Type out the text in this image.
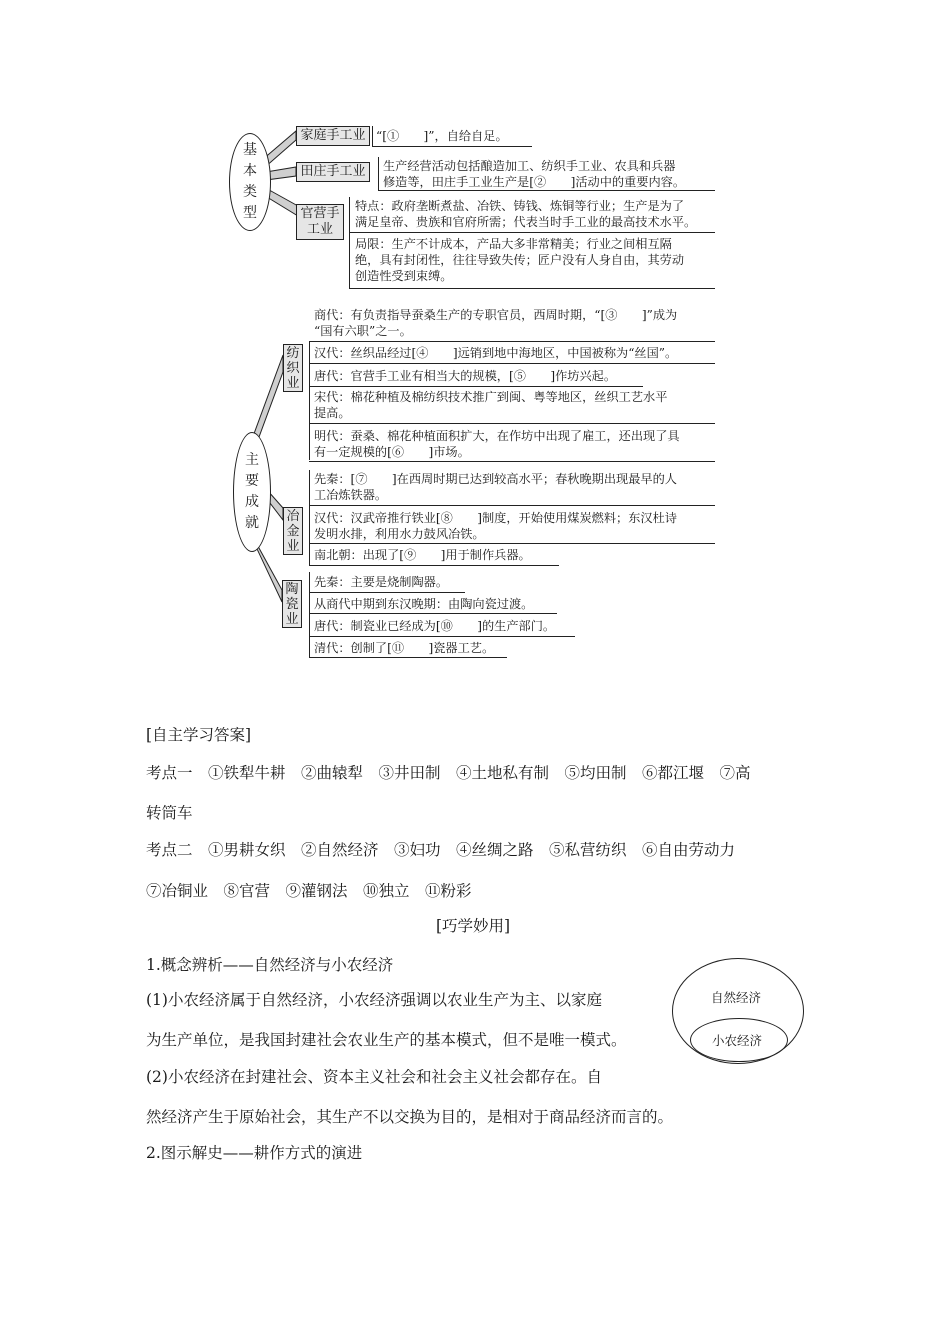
基本类型
家庭手工业 “[①　　]”，自给自足。
田庄手工业 生产经营活动包括酿造加工、纺织手工业、农具和兵器
修造等，田庄手工业生产是[②　　]活动中的重要内容。
官营手工业
特点：政府垄断煮盐、冶铁、铸钱、炼铜等行业；生产是为了
满足皇帝、贵族和官府所需；代表当时手工业的最高技术水平。
局限：生产不计成本，产品大多非常精美；行业之间相互隔
绝，具有封闭性，往往导致失传；匠户没有人身自由，其劳动
创造性受到束缚。
主要成就
纺织业
商代：有负责指导蚕桑生产的专职官员，西周时期，“[③　　]”成为
“国有六职”之一。
汉代：丝织品经过[④　　]远销到地中海地区，中国被称为“丝国”。
唐代：官营手工业有相当大的规模，[⑤　　]作坊兴起。
宋代：棉花种植及棉纺织技术推广到闽、粤等地区，丝织工艺水平
提高。
明代：蚕桑、棉花种植面积扩大，在作坊中出现了雇工，还出现了具
有一定规模的[⑥　　]市场。
冶金业
先秦：[⑦　　]在西周时期已达到较高水平；春秋晚期出现最早的人
工冶炼铁器。
汉代：汉武帝推行铁业[⑧　　]制度，开始使用煤炭燃料；东汉杜诗
发明水排，利用水力鼓风冶铁。
南北朝：出现了[⑨　　]用于制作兵器。
陶瓷业
先秦：主要是烧制陶器。
从商代中期到东汉晚期：由陶向瓷过渡。
唐代：制瓷业已经成为[⑩　　]的生产部门。
清代：创制了[⑪　　]瓷器工艺。
[自主学习答案]
考点一　①铁犁牛耕　②曲辕犁　③井田制　④土地私有制　⑤均田制　⑥都江堰　⑦高
转筒车
考点二　①男耕女织　②自然经济　③妇功　④丝绸之路　⑤私营纺织　⑥自由劳动力
⑦冶铜业　⑧官营　⑨灌钢法　⑩独立　⑪粉彩
[巧学妙用]
1.概念辨析——自然经济与小农经济
(1)小农经济属于自然经济，小农经济强调以农业生产为主、以家庭
为生产单位，是我国封建社会农业生产的基本模式，但不是唯一模式。
(2)小农经济在封建社会、资本主义社会和社会主义社会都存在。自
然经济产生于原始社会，其生产不以交换为目的，是相对于商品经济而言的。
2.图示解史——耕作方式的演进
自然经济
小农经济
